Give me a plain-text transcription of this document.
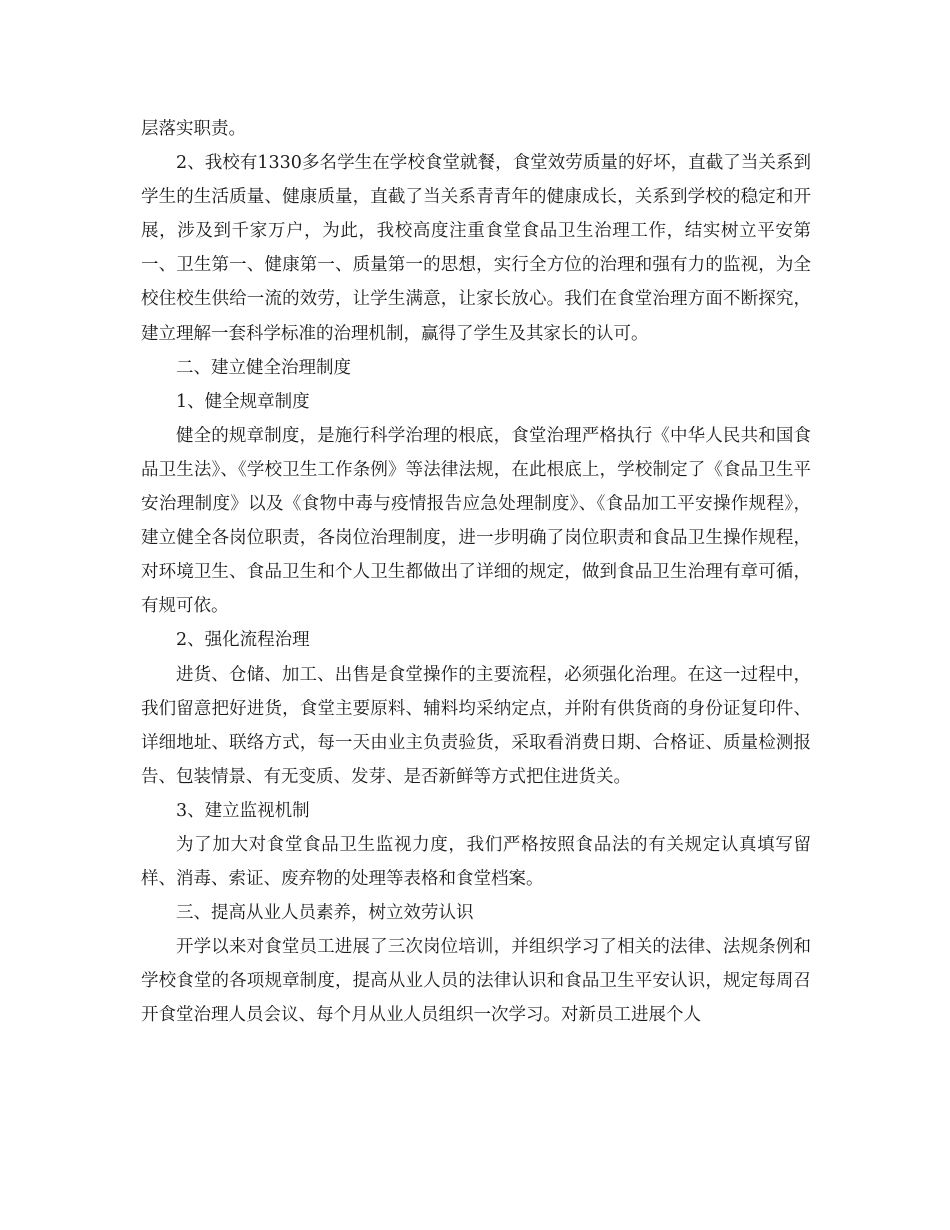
层落实职责。

2、我校有1330多名学生在学校食堂就餐，食堂效劳质量的好坏，直截了当关系到学生的生活质量、健康质量，直截了当关系青青年的健康成长，关系到学校的稳定和开展，涉及到千家万户，为此，我校高度注重食堂食品卫生治理工作，结实树立平安第一、卫生第一、健康第一、质量第一的思想，实行全方位的治理和强有力的监视，为全校住校生供给一流的效劳，让学生满意，让家长放心。我们在食堂治理方面不断探究，建立理解一套科学标准的治理机制，赢得了学生及其家长的认可。

二、建立健全治理制度

1、健全规章制度

健全的规章制度，是施行科学治理的根底，食堂治理严格执行《中华人民共和国食品卫生法》、《学校卫生工作条例》等法律法规，在此根底上，学校制定了《食品卫生平安治理制度》以及《食物中毒与疫情报告应急处理制度》、《食品加工平安操作规程》，建立健全各岗位职责，各岗位治理制度，进一步明确了岗位职责和食品卫生操作规程，对环境卫生、食品卫生和个人卫生都做出了详细的规定，做到食品卫生治理有章可循，有规可依。

2、强化流程治理

进货、仓储、加工、出售是食堂操作的主要流程，必须强化治理。在这一过程中，我们留意把好进货，食堂主要原料、辅料均采纳定点，并附有供货商的身份证复印件、详细地址、联络方式，每一天由业主负责验货，采取看消费日期、合格证、质量检测报告、包装情景、有无变质、发芽、是否新鲜等方式把住进货关。

3、建立监视机制

为了加大对食堂食品卫生监视力度，我们严格按照食品法的有关规定认真填写留样、消毒、索证、废弃物的处理等表格和食堂档案。

三、提高从业人员素养，树立效劳认识

开学以来对食堂员工进展了三次岗位培训，并组织学习了相关的法律、法规条例和学校食堂的各项规章制度，提高从业人员的法律认识和食品卫生平安认识，规定每周召开食堂治理人员会议、每个月从业人员组织一次学习。对新员工进展个人
